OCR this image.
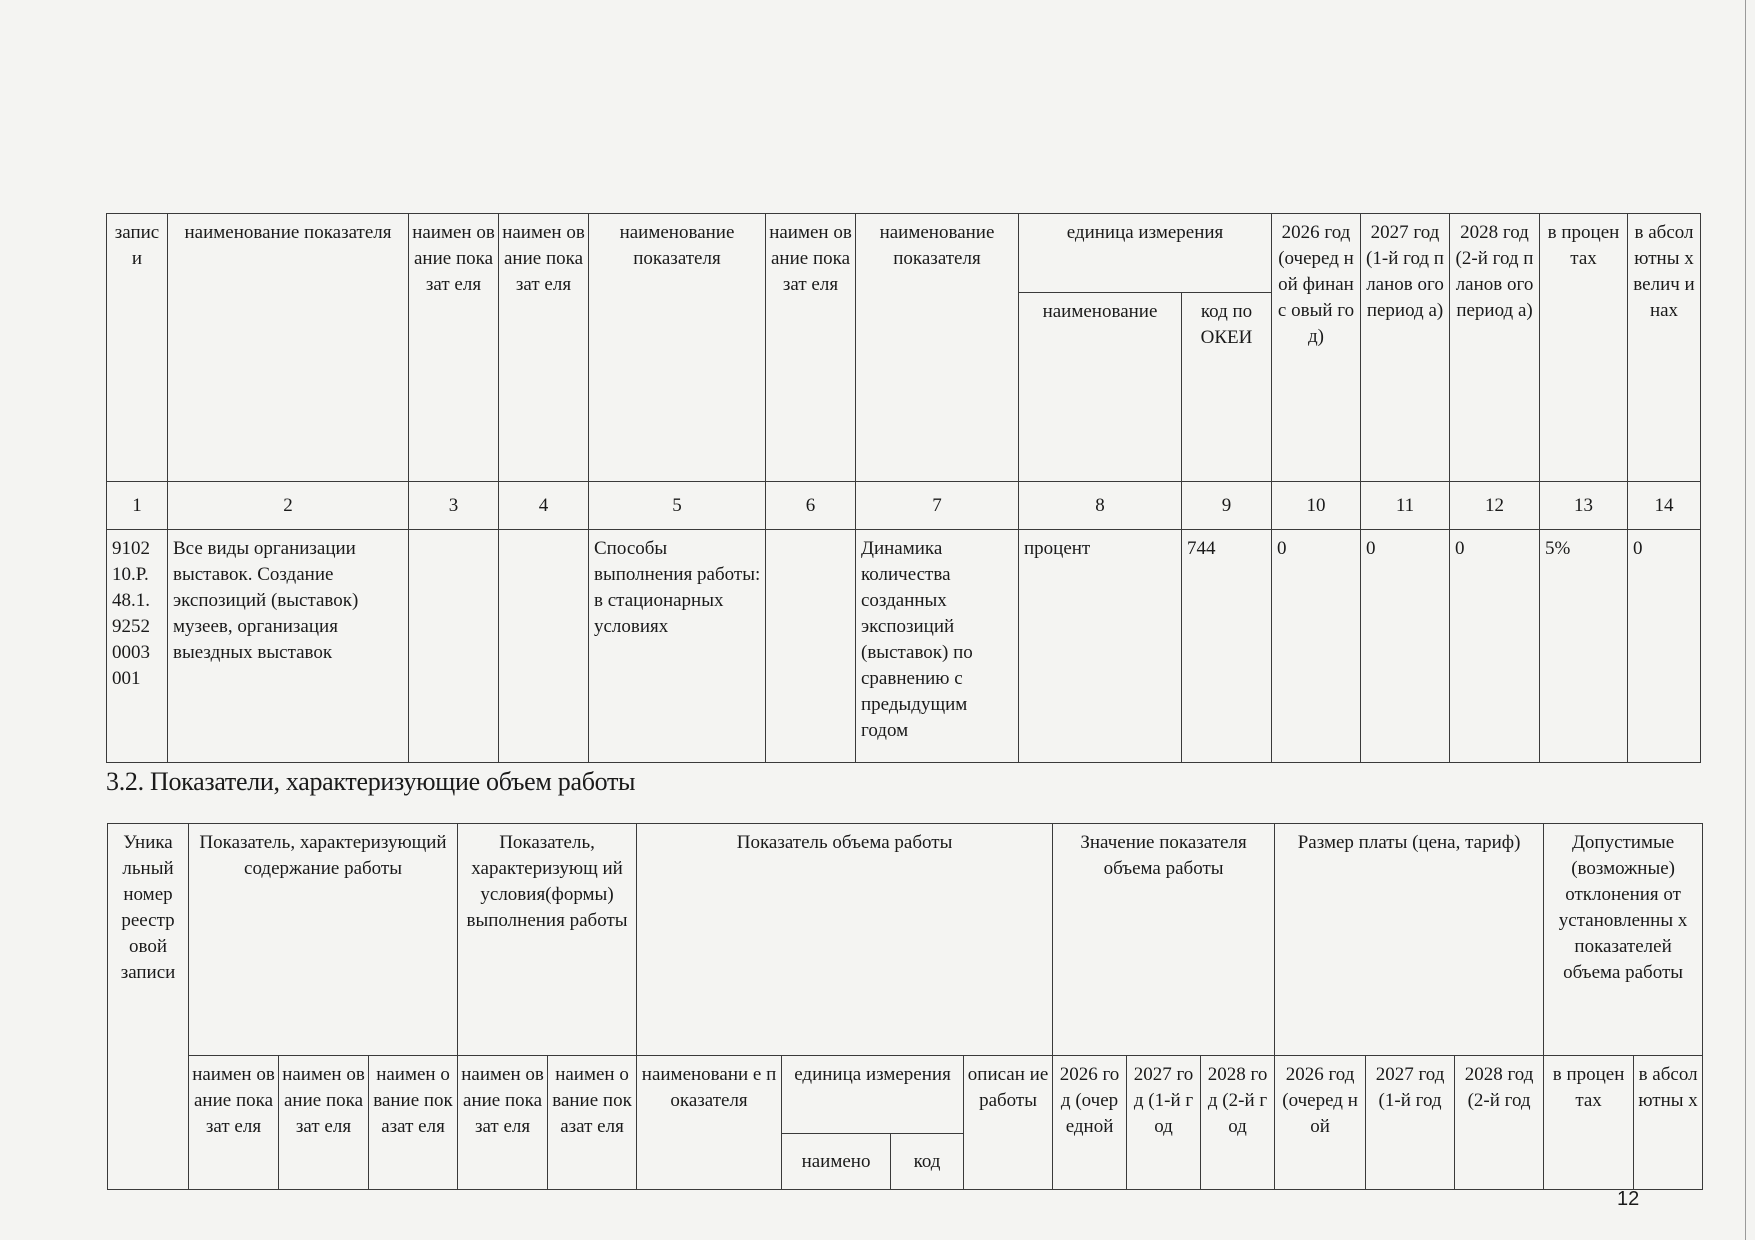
записи	наименование показателя	наимен ование показат еля	наимен ование показат еля	наименование показателя	наимен ование показат еля	наименование показателя	единица измерения		2026 год (очеред ной финанс овый год)	2027 год (1-й год планов ого период а)	2028 год (2-й год планов ого период а)	в процен тах	в абсол ютны х велич инах
							наименование	код по ОКЕИ					
1	2	3	4	5	6	7	8	9	10	11	12	13	14
9102 10.Р. 48.1. 9252 0003 001	Все виды организации выставок. Создание экспозиций (выставок) музеев, организация выездных выставок			Способы выполнения работы: в стационарных условиях		Динамика количества созданных экспозиций (выставок) по сравнению с предыдущим годом	процент	744	0	0	0	5%	0
3.2. Показатели, характеризующие объем работы
Уника льный номер реестр овой записи	Показатель, характеризующий содержание работы			Показатель, характеризующ ий условия(формы) выполнения работы		Показатель объема работы				Значение показателя объема работы			Размер платы (цена, тариф)			Допустимые (возможные) отклонения от установленны х показателей объема работы	
	наимен ование показат еля	наимен ование показат еля	наимен ование показат еля	наимен ование показат еля	наимен ование показат еля	наименовани е показателя	единица измерения		описан ие работы	2026 год (очер едной	2027 год (1-й год	2028 год (2-й год	2026 год (очеред ной	2027 год (1-й год	2028 год (2-й год	в процен тах	в абсол ютны х
							наимено	код									
12
